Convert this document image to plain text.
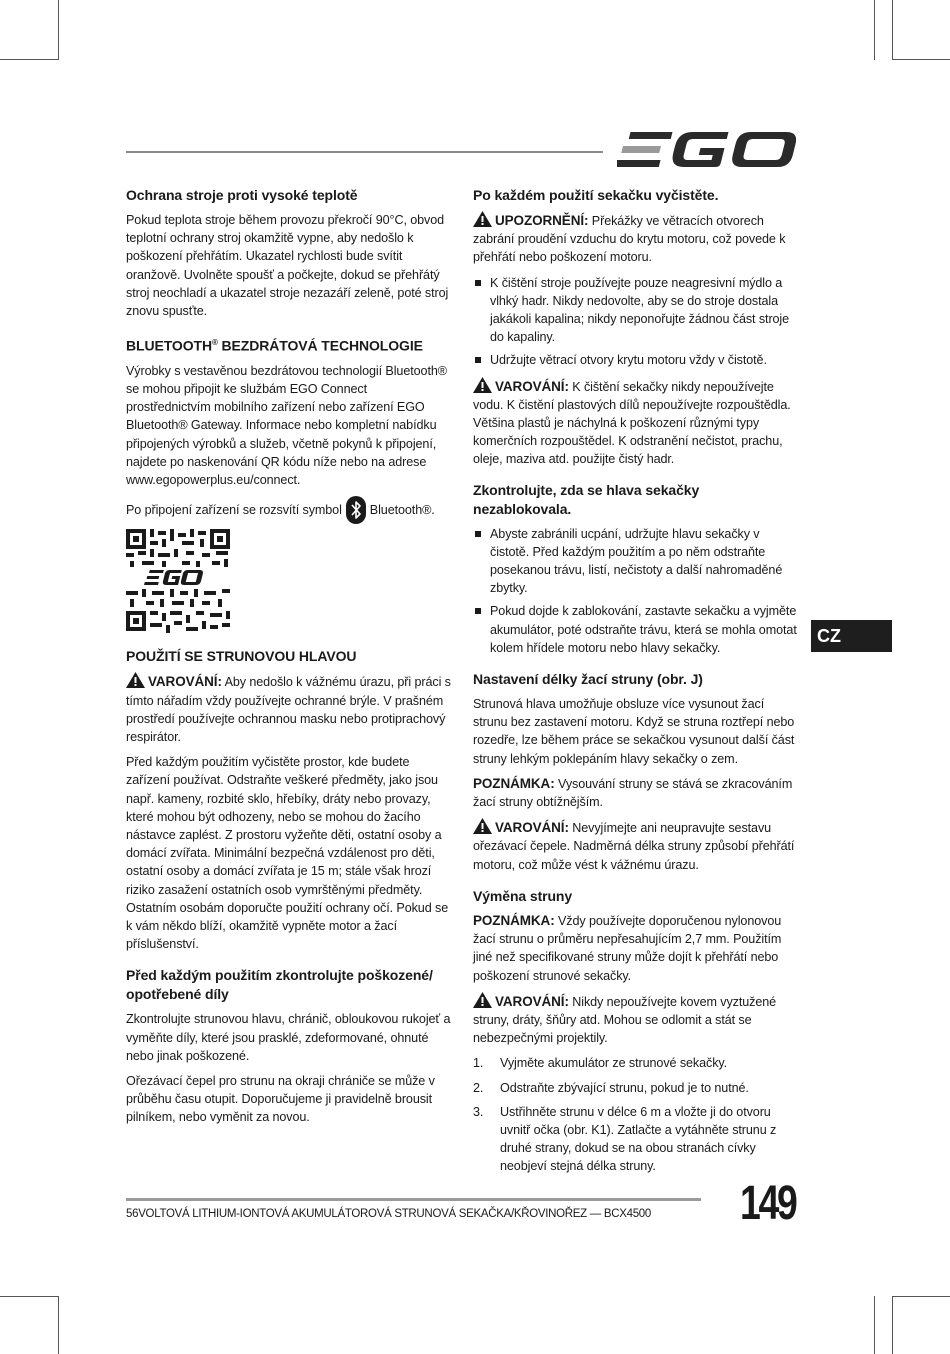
Ochrana stroje proti vysoké teplotě

Pokud teplota stroje během provozu překročí 90°C, obvod teplotní ochrany stroj okamžitě vypne, aby nedošlo k poškození přehřátím. Ukazatel rychlosti bude svítit oranžově. Uvolněte spoušť a počkejte, dokud se přehřátý stroj neochladí a ukazatel stroje nezazáří zeleně, poté stroj znovu spusťte.

BLUETOOTH® BEZDRÁTOVÁ TECHNOLOGIE

Výrobky s vestavěnou bezdrátovou technologií Bluetooth® se mohou připojit ke službám EGO Connect prostřednictvím mobilního zařízení nebo zařízení EGO Bluetooth® Gateway. Informace nebo kompletní nabídku připojených výrobků a služeb, včetně pokynů k připojení, najdete po naskenování QR kódu níže nebo na adrese www.egopowerplus.eu/connect.

Po připojení zařízení se rozsvítí symbol Bluetooth®.
POUŽITÍ SE STRUNOVOU HLAVOU

VAROVÁNÍ: Aby nedošlo k vážnému úrazu, při práci s tímto nářadím vždy používejte ochranné brýle. V prašném prostředí používejte ochrannou masku nebo protiprachový respirátor.

Před každým použitím vyčistěte prostor, kde budete zařízení používat. Odstraňte veškeré předměty, jako jsou např. kameny, rozbité sklo, hřebíky, dráty nebo provazy, které mohou být odhozeny, nebo se mohou do žacího nástavce zaplést. Z prostoru vyžeňte děti, ostatní osoby a domácí zvířata. Minimální bezpečná vzdálenost pro děti, ostatní osoby a domácí zvířata je 15 m; stále však hrozí riziko zasažení ostatních osob vymrštěnými předměty. Ostatním osobám doporučte použití ochrany očí. Pokud se k vám někdo blíží, okamžitě vypněte motor a žací příslušenství.

Před každým použitím zkontrolujte poškozené/ opotřebené díly

Zkontrolujte strunovou hlavu, chránič, obloukovou rukojeť a vyměňte díly, které jsou prasklé, zdeformované, ohnuté nebo jinak poškozené.

Ořezávací čepel pro strunu na okraji chrániče se může v průběhu času otupit. Doporučujeme ji pravidelně brousit pilníkem, nebo vyměnit za novou.

Po každém použití sekačku vyčistěte.

UPOZORNĚNÍ: Překážky ve větracích otvorech zabrání proudění vzduchu do krytu motoru, což povede k přehřátí nebo poškození motoru.

K čištění stroje používejte pouze neagresivní mýdlo a vlhký hadr. Nikdy nedovolte, aby se do stroje dostala jakákoli kapalina; nikdy neponořujte žádnou část stroje do kapaliny.
Udržujte větrací otvory krytu motoru vždy v čistotě.

VAROVÁNÍ: K čištění sekačky nikdy nepoužívejte vodu. K čistění plastových dílů nepoužívejte rozpouštědla. Většina plastů je náchylná k poškození různými typy komerčních rozpouštědel. K odstranění nečistot, prachu, oleje, maziva atd. použijte čistý hadr.

Zkontrolujte, zda se hlava sekačky nezablokovala.
Abyste zabránili ucpání, udržujte hlavu sekačky v čistotě. Před každým použitím a po něm odstraňte posekanou trávu, listí, nečistoty a další nahromaděné zbytky.
Pokud dojde k zablokování, zastavte sekačku a vyjměte akumulátor, poté odstraňte trávu, která se mohla omotat kolem hřídele motoru nebo hlavy sekačky.
Nastavení délky žací struny (obr. J)

Strunová hlava umožňuje obsluze více vysunout žací strunu bez zastavení motoru. Když se struna roztřepí nebo rozedře, lze během práce se sekačkou vysunout další část struny lehkým poklepáním hlavy sekačky o zem.

POZNÁMKA: Vysouvání struny se stává se zkracováním žací struny obtížnějším.

VAROVÁNÍ: Nevyjímejte ani neupravujte sestavu ořezávací čepele. Nadměrná délka struny způsobí přehřátí motoru, což může vést k vážnému úrazu.

Výměna struny

POZNÁMKA: Vždy používejte doporučenou nylonovou žací strunu o průměru nepřesahujícím 2,7 mm. Použitím jiné než specifikované struny může dojít k přehřátí nebo poškození strunové sekačky.

VAROVÁNÍ: Nikdy nepoužívejte kovem vyztužené struny, dráty, šňůry atd. Mohou se odlomit a stát se nebezpečnými projektily.

1. Vyjměte akumulátor ze strunové sekačky.
2. Odstraňte zbývající strunu, pokud je to nutné.
3. Ustřihněte strunu v délce 6 m a vložte ji do otvoru uvnitř očka (obr. K1). Zatlačte a vytáhněte strunu z druhé strany, dokud se na obou stranách cívky neobjeví stejná délka struny.
CZ
56VOLTOVÁ LITHIUM-IONTOVÁ AKUMULÁTOROVÁ STRUNOVÁ SEKAČKA/KŘOVINOŘEZ — BCX4500 149
